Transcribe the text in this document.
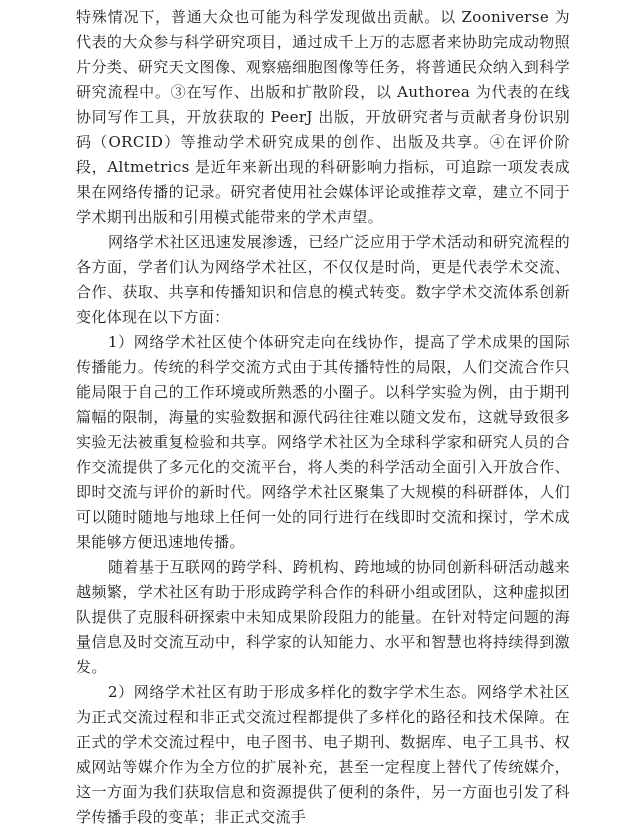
特殊情况下，普通大众也可能为科学发现做出贡献。以 Zooniverse 为代表的大众参与科学研究项目，通过成千上万的志愿者来协助完成动物照片分类、研究天文图像、观察癌细胞图像等任务，将普通民众纳入到科学研究流程中。③在写作、出版和扩散阶段，以 Authorea 为代表的在线协同写作工具，开放获取的 PeerJ 出版，开放研究者与贡献者身份识别码（ORCID）等推动学术研究成果的创作、出版及共享。④在评价阶段，Altmetrics 是近年来新出现的科研影响力指标，可追踪一项发表成果在网络传播的记录。研究者使用社会媒体评论或推荐文章，建立不同于学术期刊出版和引用模式能带来的学术声望。

网络学术社区迅速发展渗透，已经广泛应用于学术活动和研究流程的各方面，学者们认为网络学术社区，不仅仅是时尚，更是代表学术交流、合作、获取、共享和传播知识和信息的模式转变。数字学术交流体系创新变化体现在以下方面：

1）网络学术社区使个体研究走向在线协作，提高了学术成果的国际传播能力。传统的科学交流方式由于其传播特性的局限，人们交流合作只能局限于自己的工作环境或所熟悉的小圈子。以科学实验为例，由于期刊篇幅的限制，海量的实验数据和源代码往往难以随文发布，这就导致很多实验无法被重复检验和共享。网络学术社区为全球科学家和研究人员的合作交流提供了多元化的交流平台，将人类的科学活动全面引入开放合作、即时交流与评价的新时代。网络学术社区聚集了大规模的科研群体，人们可以随时随地与地球上任何一处的同行进行在线即时交流和探讨，学术成果能够方便迅速地传播。

随着基于互联网的跨学科、跨机构、跨地域的协同创新科研活动越来越频繁，学术社区有助于形成跨学科合作的科研小组或团队，这种虚拟团队提供了克服科研探索中未知成果阶段阻力的能量。在针对特定问题的海量信息及时交流互动中，科学家的认知能力、水平和智慧也将持续得到激发。

2）网络学术社区有助于形成多样化的数字学术生态。网络学术社区为正式交流过程和非正式交流过程都提供了多样化的路径和技术保障。在正式的学术交流过程中，电子图书、电子期刊、数据库、电子工具书、权威网站等媒介作为全方位的扩展补充，甚至一定程度上替代了传统媒介，这一方面为我们获取信息和资源提供了便利的条件，另一方面也引发了科学传播手段的变革；非正式交流手
